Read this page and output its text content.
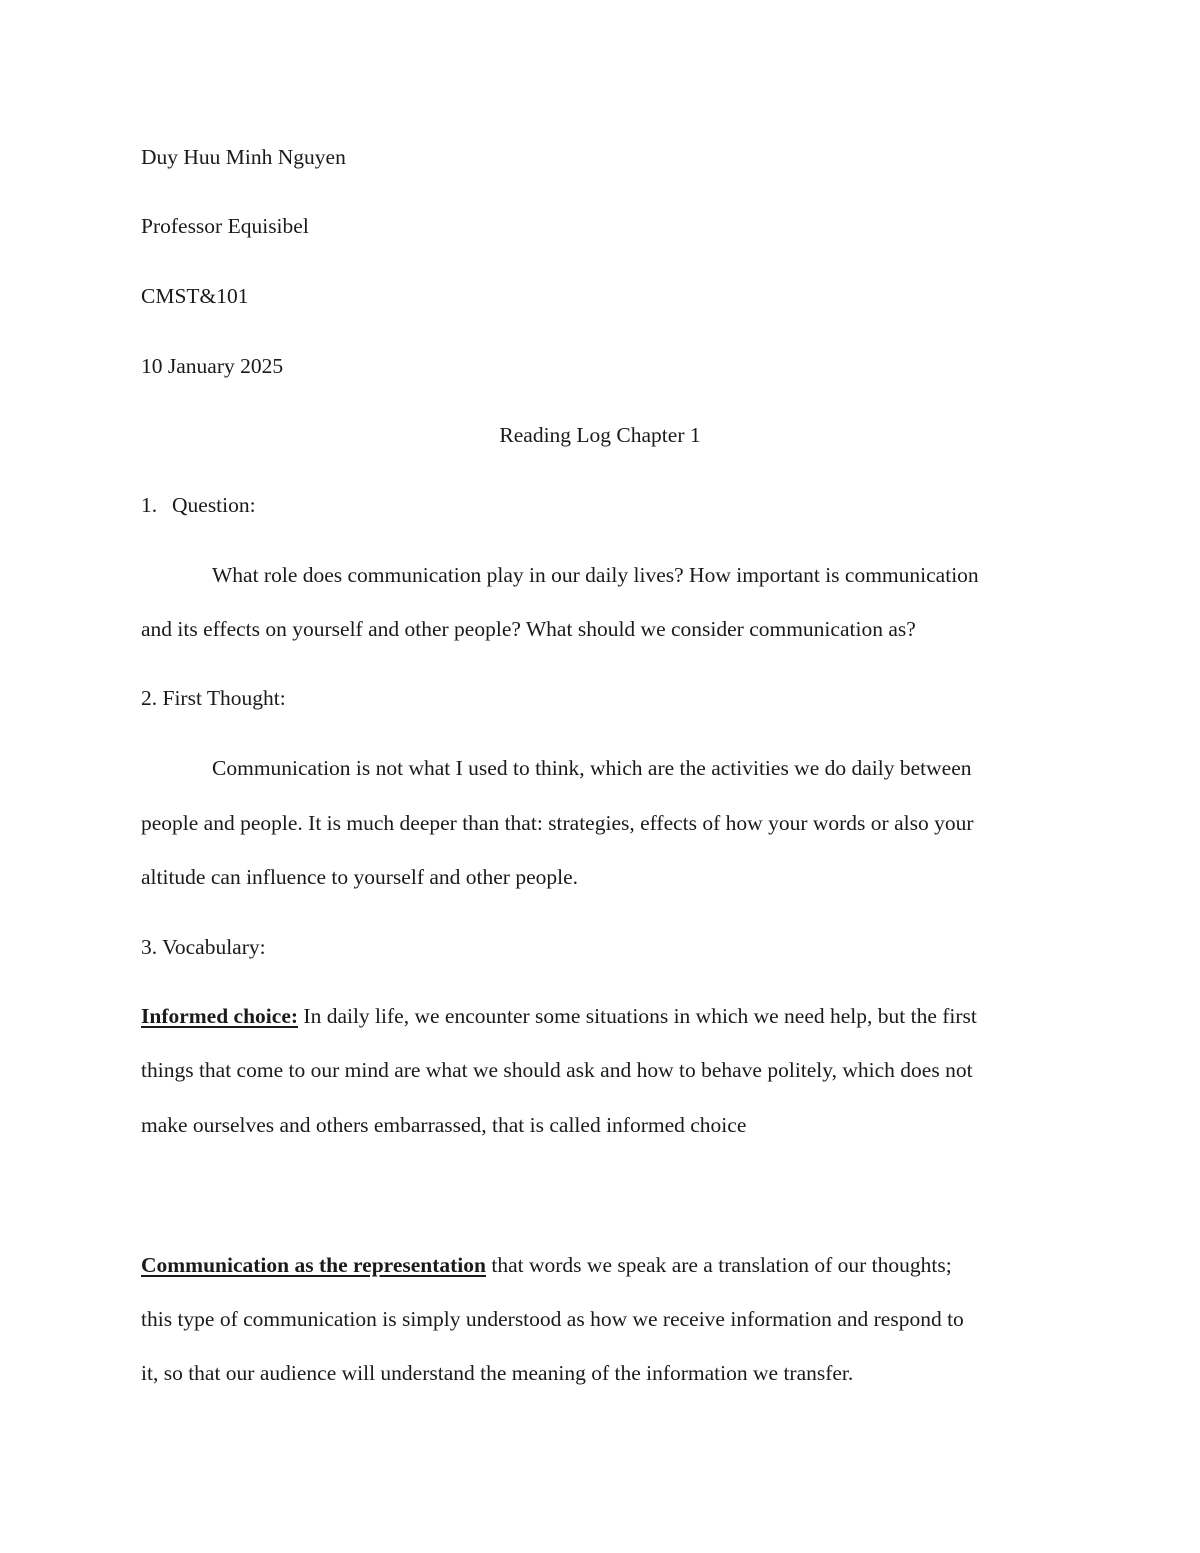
Duy Huu Minh Nguyen
Professor Equisibel
CMST&101
10 January 2025
Reading Log Chapter 1
1. Question:
What role does communication play in our daily lives? How important is communication
and its effects on yourself and other people? What should we consider communication as?
2. First Thought:
Communication is not what I used to think, which are the activities we do daily between
people and people. It is much deeper than that: strategies, effects of how your words or also your
altitude can influence to yourself and other people.
3. Vocabulary:
Informed choice: In daily life, we encounter some situations in which we need help, but the first
things that come to our mind are what we should ask and how to behave politely, which does not
make ourselves and others embarrassed, that is called informed choice
Communication as the representation that words we speak are a translation of our thoughts;
this type of communication is simply understood as how we receive information and respond to
it, so that our audience will understand the meaning of the information we transfer.
